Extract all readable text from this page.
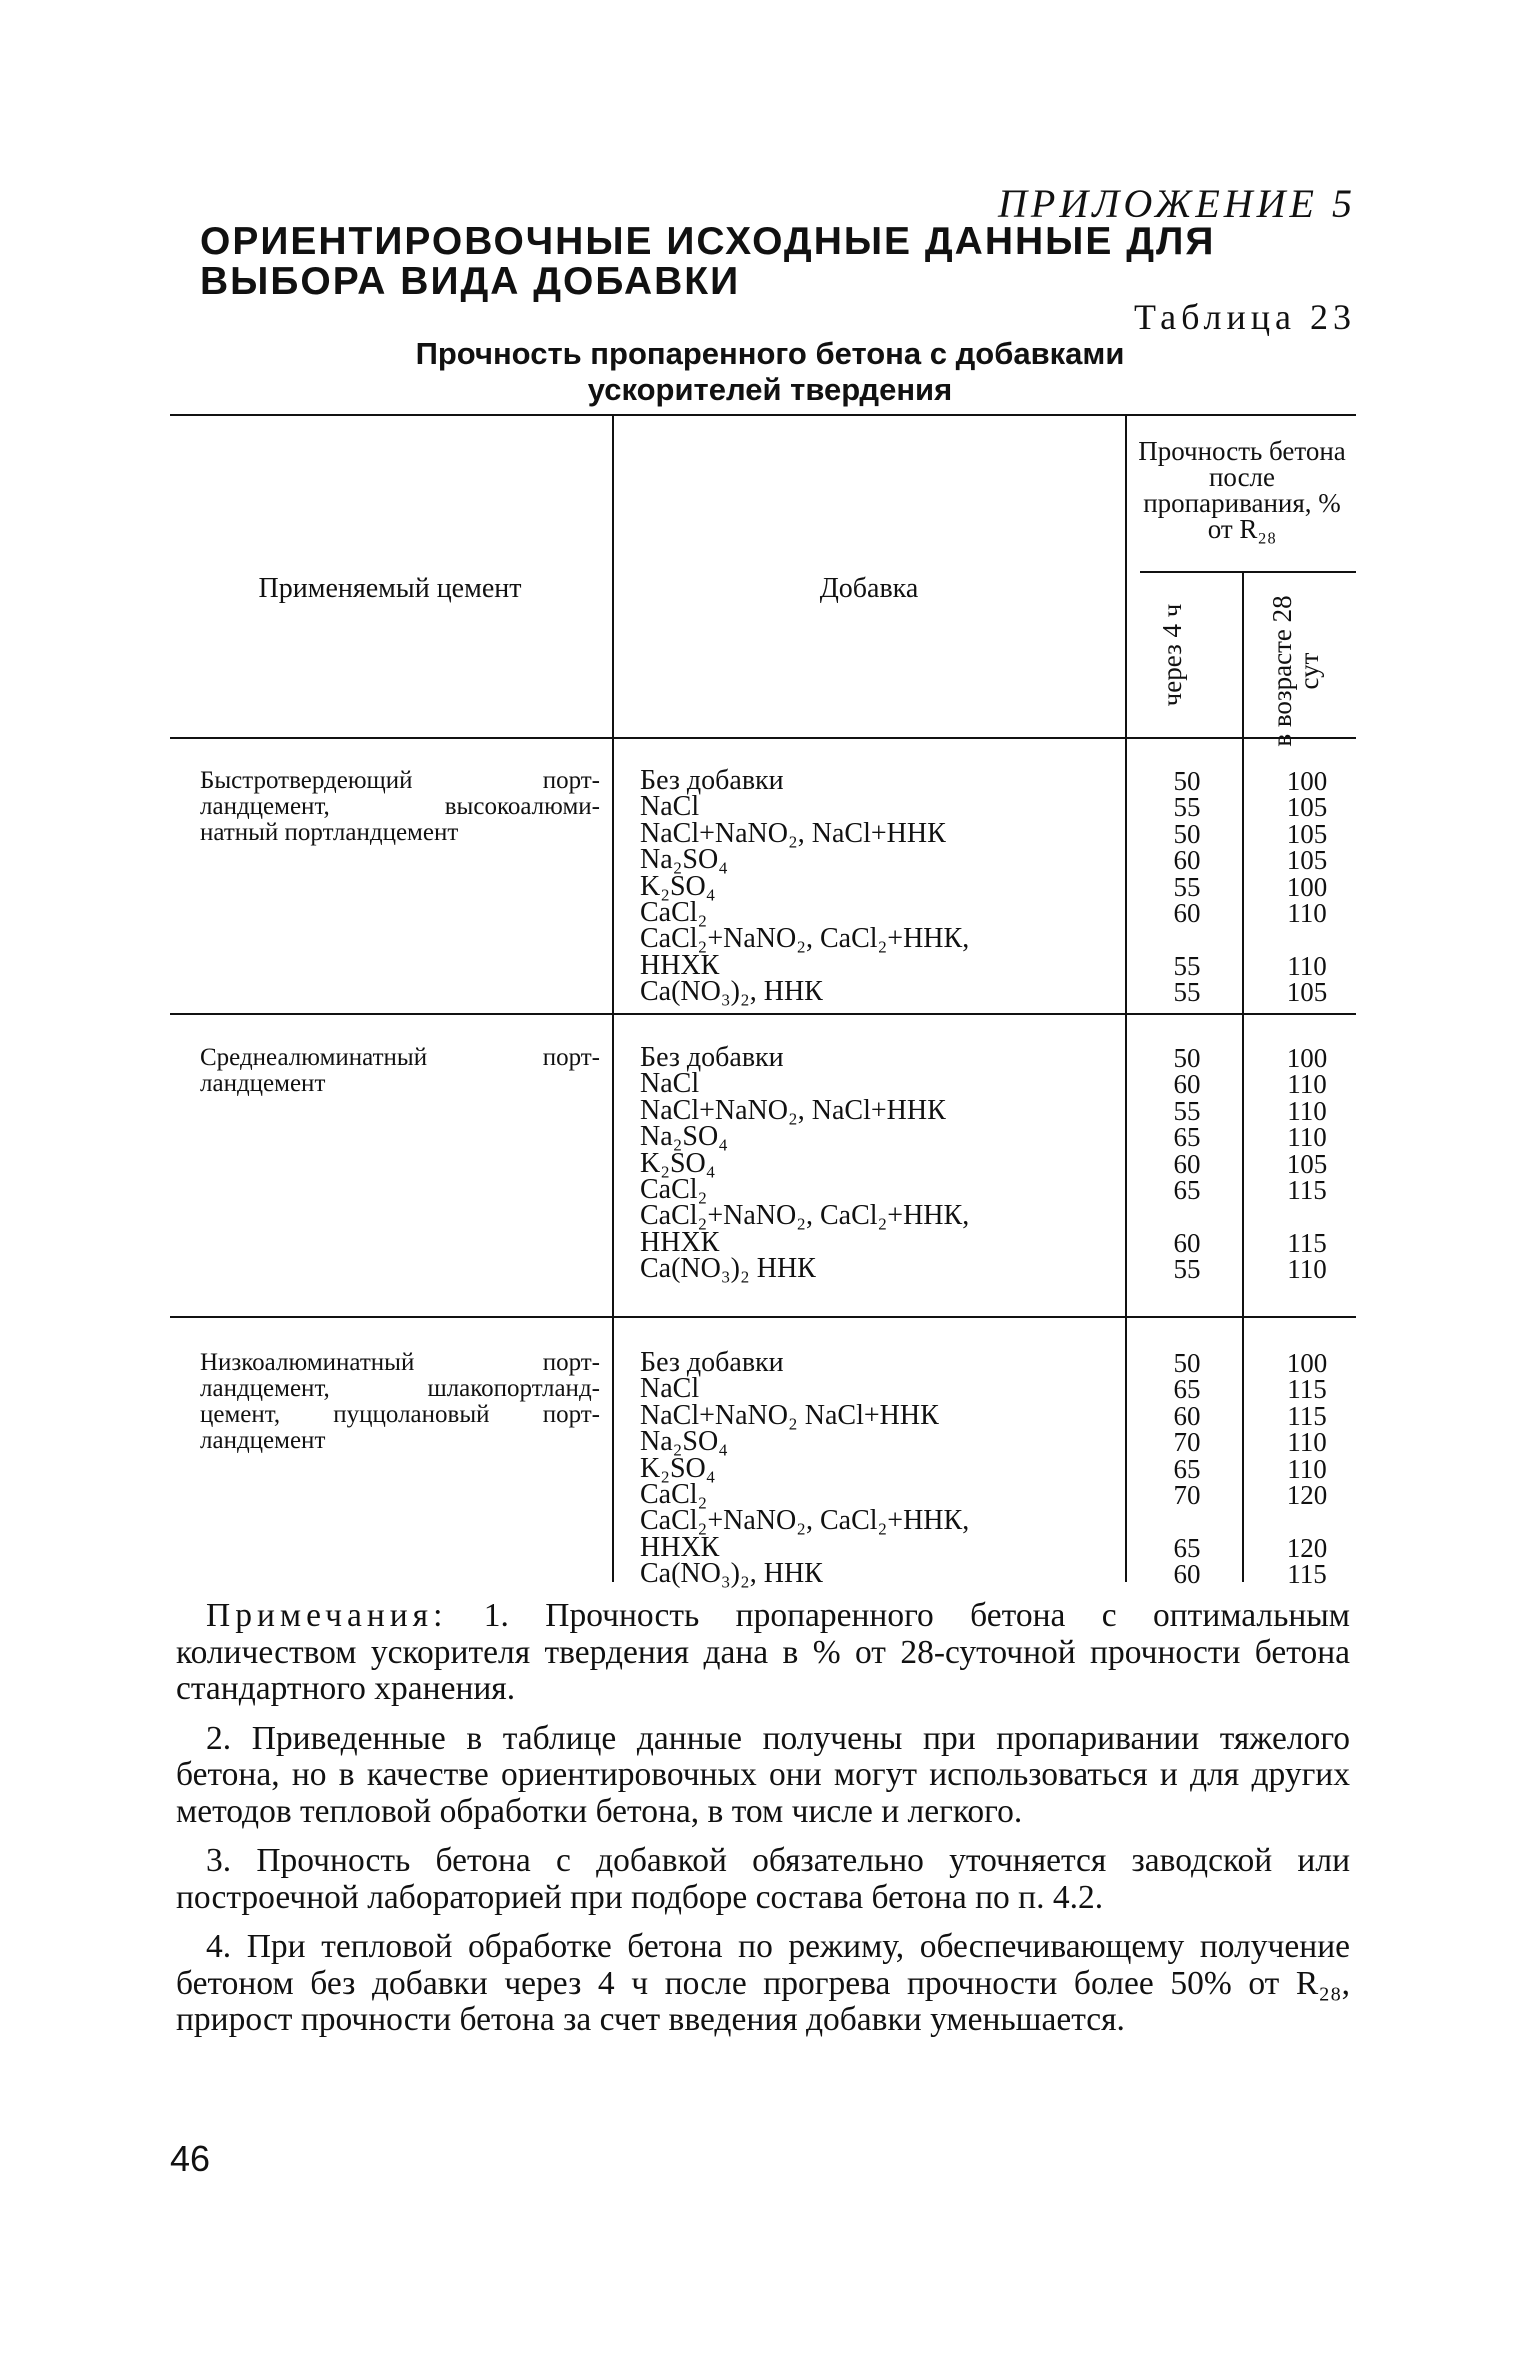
ПРИЛОЖЕНИЕ 5
ОРИЕНТИРОВОЧНЫЕ ИСХОДНЫЕ ДАННЫЕ ДЛЯ ВЫБОРА ВИДА ДОБАВКИ
Таблица 23
Прочность пропаренного бетона с добавками
ускорителей твердения
Применяемый цемент	Добавка
Прочность бетона после пропаривания, % от R₂₈
через 4 ч	в возрасте 28 сут
Быстротвердеющий порт-
ландцемент, высокоалюми-
натный портландцемент
Без добавки
NaCl
NaCl+NaNO₂, NaCl+ННК
Na₂SO₄
K₂SO₄
CaCl₂
CaCl₂+NaNO₂, CaCl₂+ННК,
ННХК
Ca(NO₃)₂, ННК
50
55
50
60
55
60
55
55
100
105
105
105
100
110
110
105
Среднеалюминатный порт-
ландцемент
Без добавки
NaCl
NaCl+NaNO₂, NaCl+ННК
Na₂SO₄
K₂SO₄
CaCl₂
CaCl₂+NaNO₂, CaCl₂+ННК,
ННХК
Ca(NO₃)₂ ННК
50
60
55
65
60
65
60
55
100
110
110
110
105
115
115
110
Низкоалюминатный порт-
ландцемент, шлакопортланд-
цемент, пуццолановый порт-
ландцемент
Без добавки
NaCl
NaCl+NaNO₂ NaCl+ННК
Na₂SO₄
K₂SO₄
CaCl₂
CaCl₂+NaNO₂, CaCl₂+ННК,
ННХК
Ca(NO₃)₂, ННК
50
65
60
70
65
70
65
60
100
115
115
110
110
120
120
115

Примечания: 1. Прочность пропаренного бетона с оптимальным количеством ускорителя твердения дана в % от 28-суточной прочности бетона стандартного хранения.

2. Приведенные в таблице данные получены при пропаривании тяжелого бетона, но в качестве ориентировочных они могут использоваться и для других методов тепловой обработки бетона, в том числе и легкого.

3. Прочность бетона с добавкой обязательно уточняется заводской или построечной лабораторией при подборе состава бетона по п. 4.2.

4. При тепловой обработке бетона по режиму, обеспечивающему получение бетоном без добавки через 4 ч после прогрева прочности более 50% от R₂₈, прирост прочности бетона за счет введения добавки уменьшается.

46
